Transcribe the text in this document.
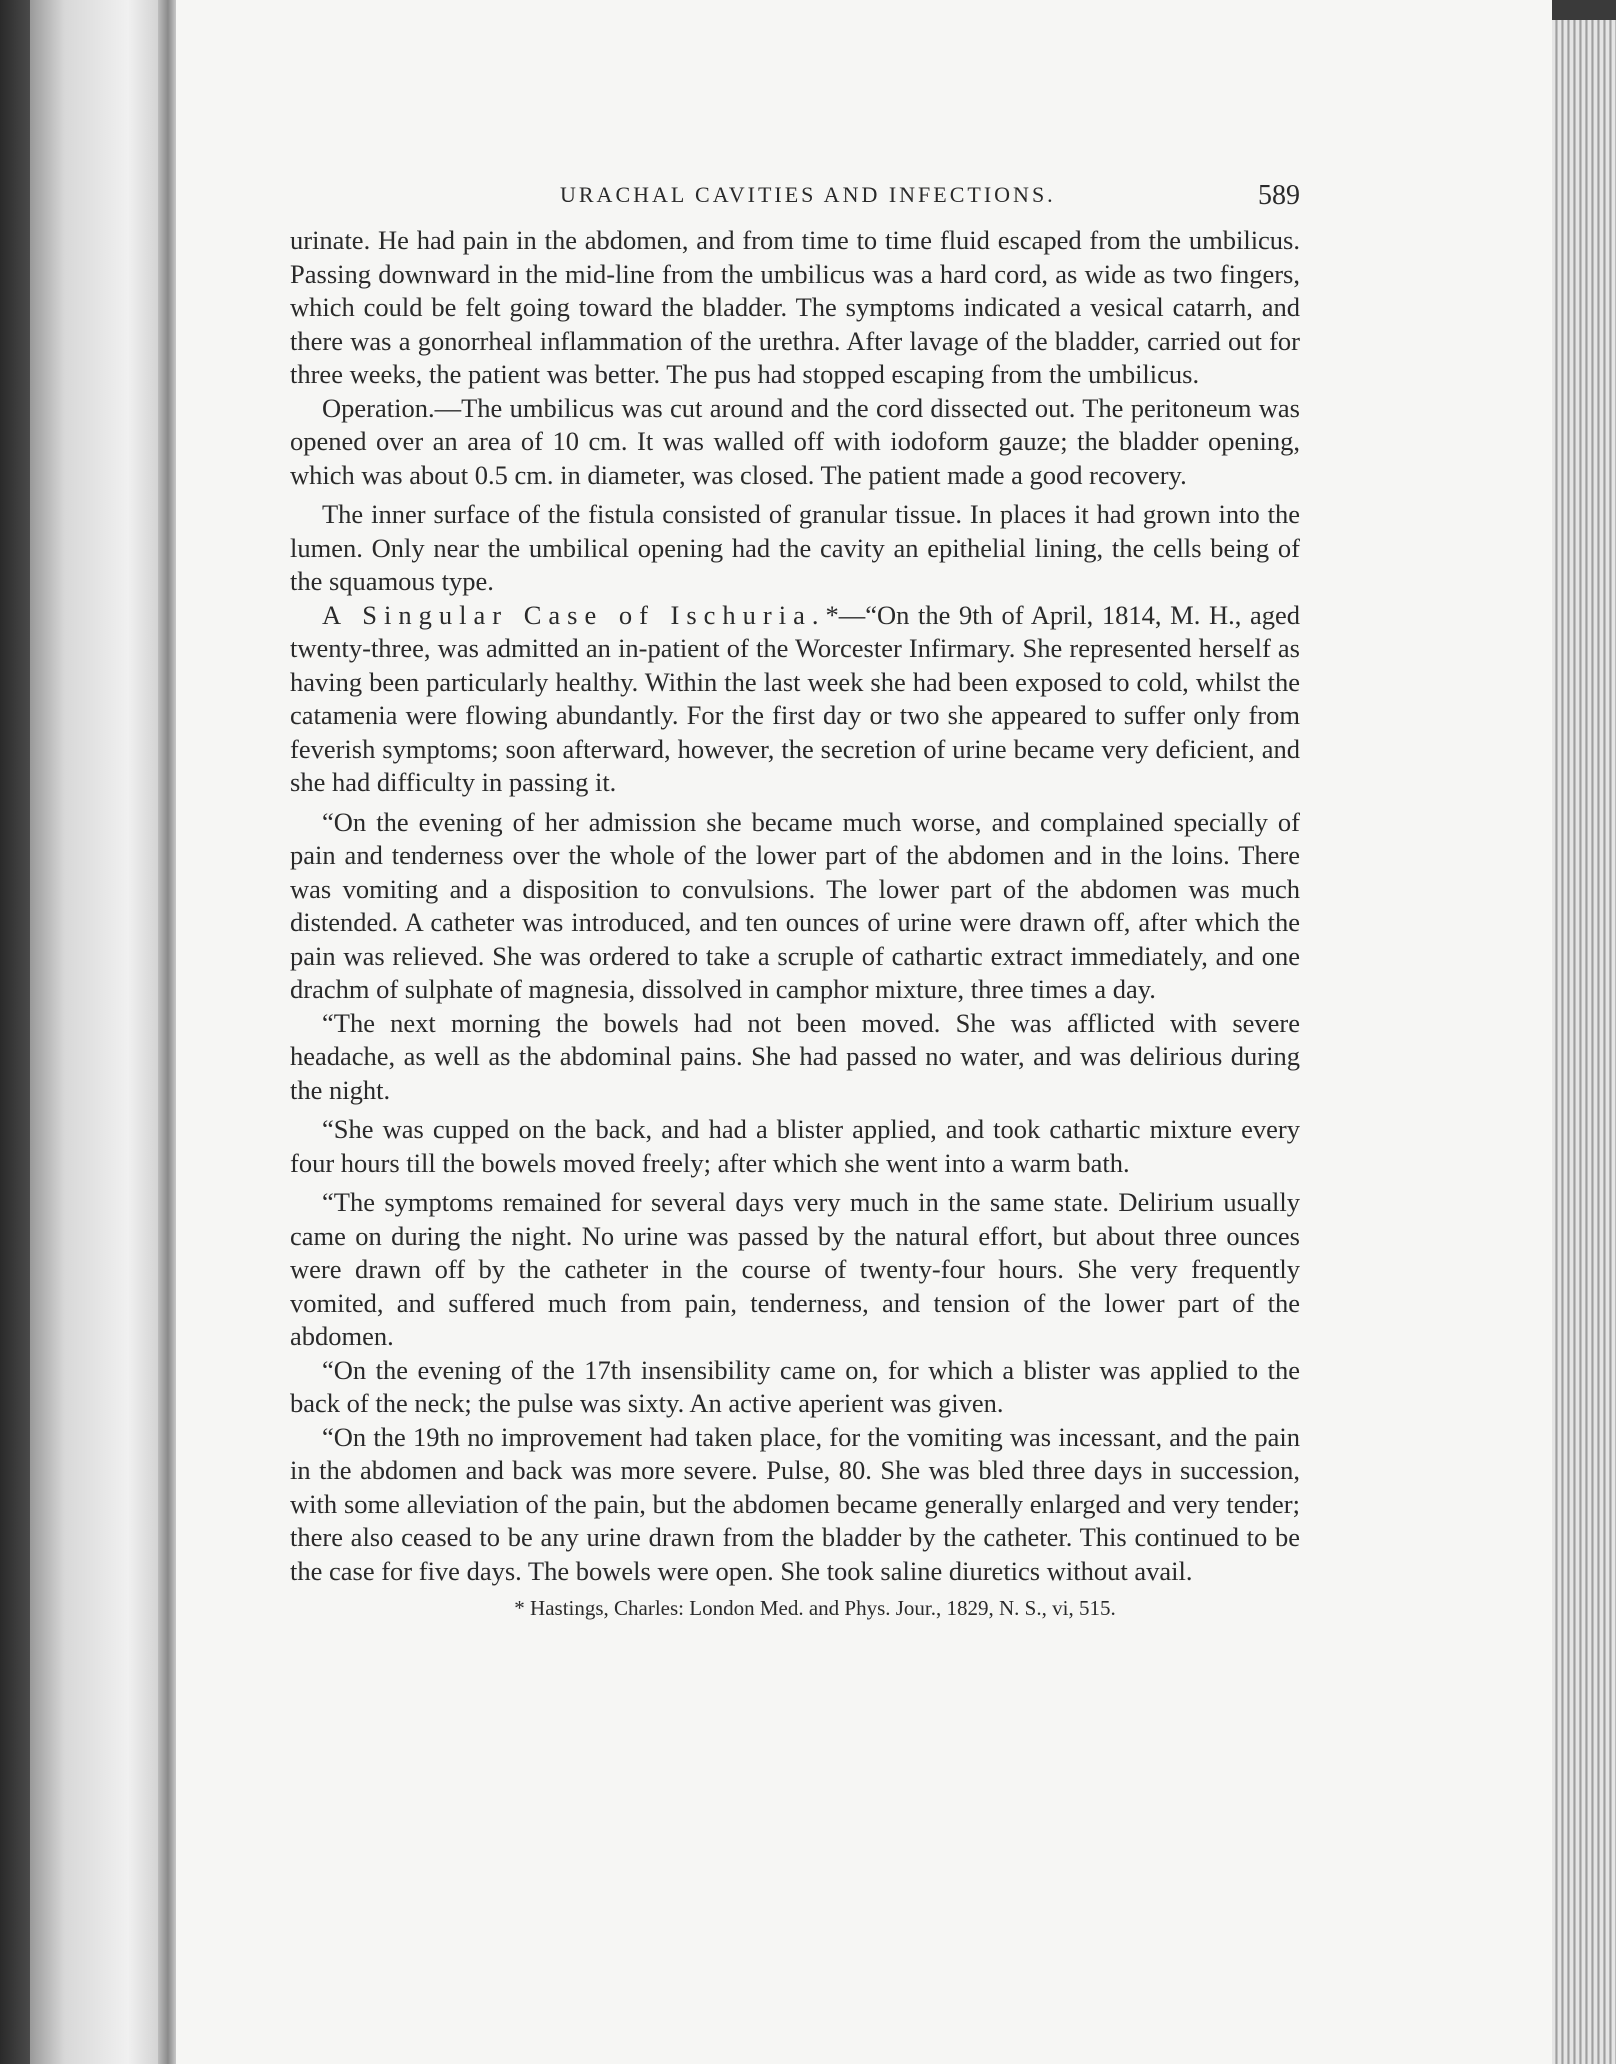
URACHAL CAVITIES AND INFECTIONS.	589

urinate. He had pain in the abdomen, and from time to time fluid escaped from the umbilicus. Passing downward in the mid-line from the umbilicus was a hard cord, as wide as two fingers, which could be felt going toward the bladder. The symptoms indicated a vesical catarrh, and there was a gonorrheal inflammation of the urethra. After lavage of the bladder, carried out for three weeks, the patient was better. The pus had stopped escaping from the umbilicus.

Operation.—The umbilicus was cut around and the cord dissected out. The peritoneum was opened over an area of 10 cm. It was walled off with iodoform gauze; the bladder opening, which was about 0.5 cm. in diameter, was closed. The patient made a good recovery.

The inner surface of the fistula consisted of granular tissue. In places it had grown into the lumen. Only near the umbilical opening had the cavity an epithelial lining, the cells being of the squamous type.

A Singular Case of Ischuria.*—“On the 9th of April, 1814, M. H., aged twenty-three, was admitted an in-patient of the Worcester Infirmary. She represented herself as having been particularly healthy. Within the last week she had been exposed to cold, whilst the catamenia were flowing abundantly. For the first day or two she appeared to suffer only from feverish symptoms; soon afterward, however, the secretion of urine became very deficient, and she had difficulty in passing it.

“On the evening of her admission she became much worse, and complained specially of pain and tenderness over the whole of the lower part of the abdomen and in the loins. There was vomiting and a disposition to convulsions. The lower part of the abdomen was much distended. A catheter was introduced, and ten ounces of urine were drawn off, after which the pain was relieved. She was ordered to take a scruple of cathartic extract immediately, and one drachm of sulphate of magnesia, dissolved in camphor mixture, three times a day.

“The next morning the bowels had not been moved. She was afflicted with severe headache, as well as the abdominal pains. She had passed no water, and was delirious during the night.

“She was cupped on the back, and had a blister applied, and took cathartic mixture every four hours till the bowels moved freely; after which she went into a warm bath.

“The symptoms remained for several days very much in the same state. Delirium usually came on during the night. No urine was passed by the natural effort, but about three ounces were drawn off by the catheter in the course of twenty-four hours. She very frequently vomited, and suffered much from pain, tenderness, and tension of the lower part of the abdomen.

“On the evening of the 17th insensibility came on, for which a blister was applied to the back of the neck; the pulse was sixty. An active aperient was given.

“On the 19th no improvement had taken place, for the vomiting was incessant, and the pain in the abdomen and back was more severe. Pulse, 80. She was bled three days in succession, with some alleviation of the pain, but the abdomen became generally enlarged and very tender; there also ceased to be any urine drawn from the bladder by the catheter. This continued to be the case for five days. The bowels were open. She took saline diuretics without avail.

* Hastings, Charles: London Med. and Phys. Jour., 1829, N. S., vi, 515.
